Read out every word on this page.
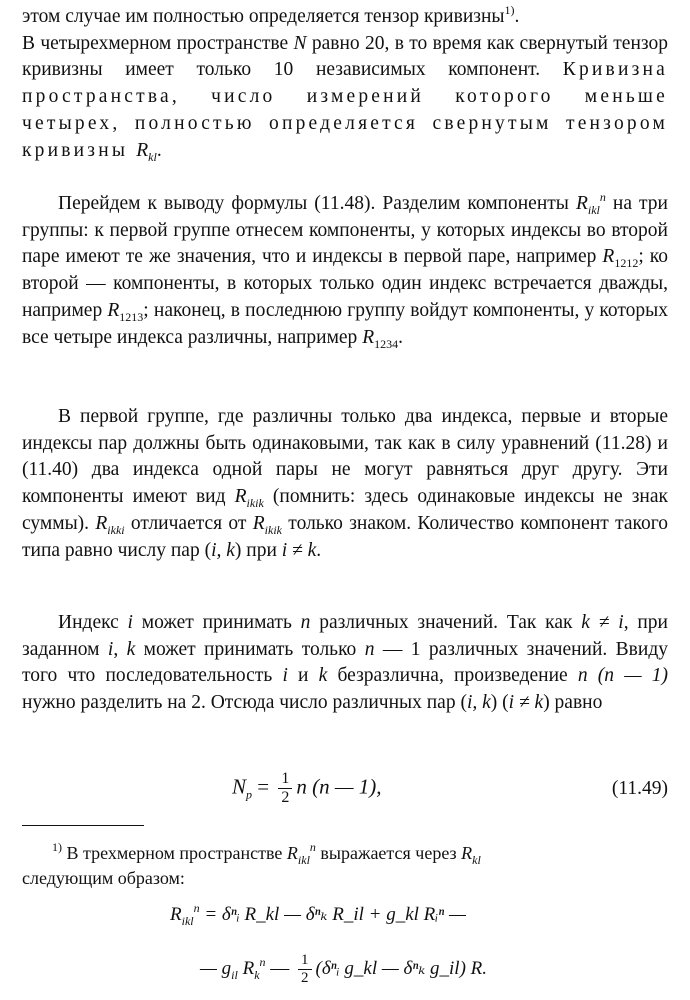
этом случае им полностью определяется тензор кривизны$^{1)}$.
В четырехмерном пространстве N равно 20, в то время как свернутый тензор кривизны имеет только 10 независимых компонент. Кривизна пространства, число измерений которого меньше четырех, полностью определяется свернутым тензором кривизны $R_{kl}$.

Перейдем к выводу формулы (11.48). Разделим компоненты $R_{ikl}^n$ на три группы: к первой группе отнесем компоненты, у которых индексы во второй паре имеют те же значения, что и индексы в первой паре, например $R_{1212}$; ко второй — компоненты, в которых только один индекс встречается дважды, например $R_{1213}$; наконец, в последнюю группу войдут компоненты, у которых все четыре индекса различны, например $R_{1234}$.

В первой группе, где различны только два индекса, первые и вторые индексы пар должны быть одинаковыми, так как в силу уравнений (11.28) и (11.40) два индекса одной пары не могут равняться друг другу. Эти компоненты имеют вид $R_{ikik}$ (помнить: здесь одинаковые индексы не знак суммы). $R_{ikki}$ отличается от $R_{ikik}$ только знаком. Количество компонент такого типа равно числу пар (i, k) при i ≠ k.

Индекс i может принимать n различных значений. Так как k ≠ i, при заданном i, k может принимать только n — 1 различных значений. Ввиду того что последовательность i и k безразлична, произведение n (n — 1) нужно разделить на 2. Отсюда число различных пар (i, k) (i ≠ k) равно

$N_p = \frac{1}{2}$ n (n — 1),	(11.49)
$^{1)}$ В трехмерном пространстве $R_{ikl}^n$ выражается через $R_{kl}$
следующим образом:
$R_{ikl}^n$ = δⁿᵢ R_kl — δⁿₖ R_il + g_kl Rᵢⁿ —
— $g_{il}$ $R_k^n$ — $\frac{1}{2}$ (δⁿᵢ g_kl — δⁿₖ g_il) R.
